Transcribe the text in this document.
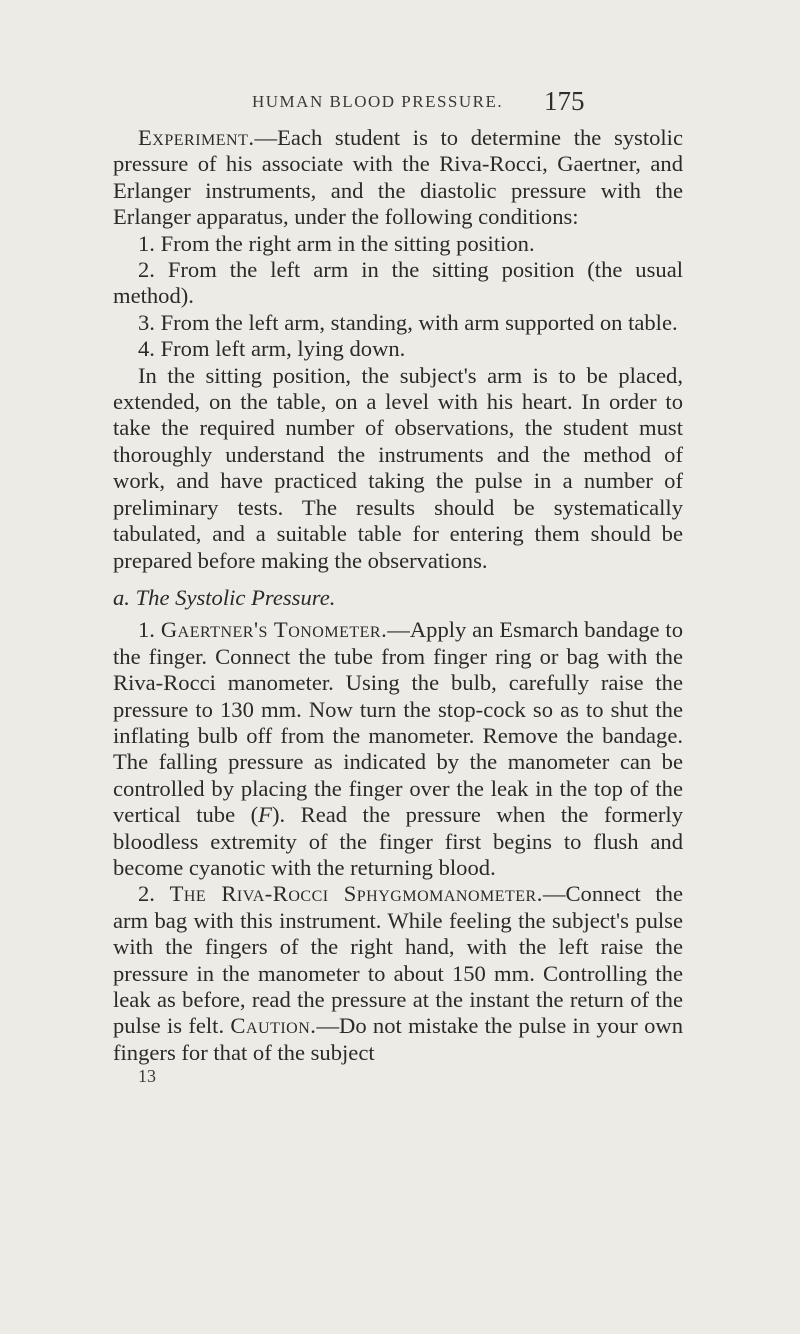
HUMAN BLOOD PRESSURE. 175

Experiment.—Each student is to determine the systolic pressure of his associate with the Riva-Rocci, Gaertner, and Erlanger instruments, and the diastolic pressure with the Erlanger apparatus, under the following conditions:

1. From the right arm in the sitting position.

2. From the left arm in the sitting position (the usual method).

3. From the left arm, standing, with arm supported on table.

4. From left arm, lying down.

In the sitting position, the subject's arm is to be placed, extended, on the table, on a level with his heart. In order to take the required number of observations, the student must thoroughly understand the instruments and the method of work, and have practiced taking the pulse in a number of preliminary tests. The results should be systematically tabulated, and a suitable table for entering them should be prepared before making the observations.

a. The Systolic Pressure.

1. Gaertner's Tonometer.—Apply an Esmarch bandage to the finger. Connect the tube from finger ring or bag with the Riva-Rocci manometer. Using the bulb, carefully raise the pressure to 130 mm. Now turn the stop-cock so as to shut the inflating bulb off from the manometer. Remove the bandage. The falling pressure as indicated by the manometer can be controlled by placing the finger over the leak in the top of the vertical tube (F). Read the pressure when the formerly bloodless extremity of the finger first begins to flush and become cyanotic with the returning blood.

2. The Riva-Rocci Sphygmomanometer.—Connect the arm bag with this instrument. While feeling the subject's pulse with the fingers of the right hand, with the left raise the pressure in the manometer to about 150 mm. Controlling the leak as before, read the pressure at the instant the return of the pulse is felt. Caution.—Do not mistake the pulse in your own fingers for that of the subject

13
